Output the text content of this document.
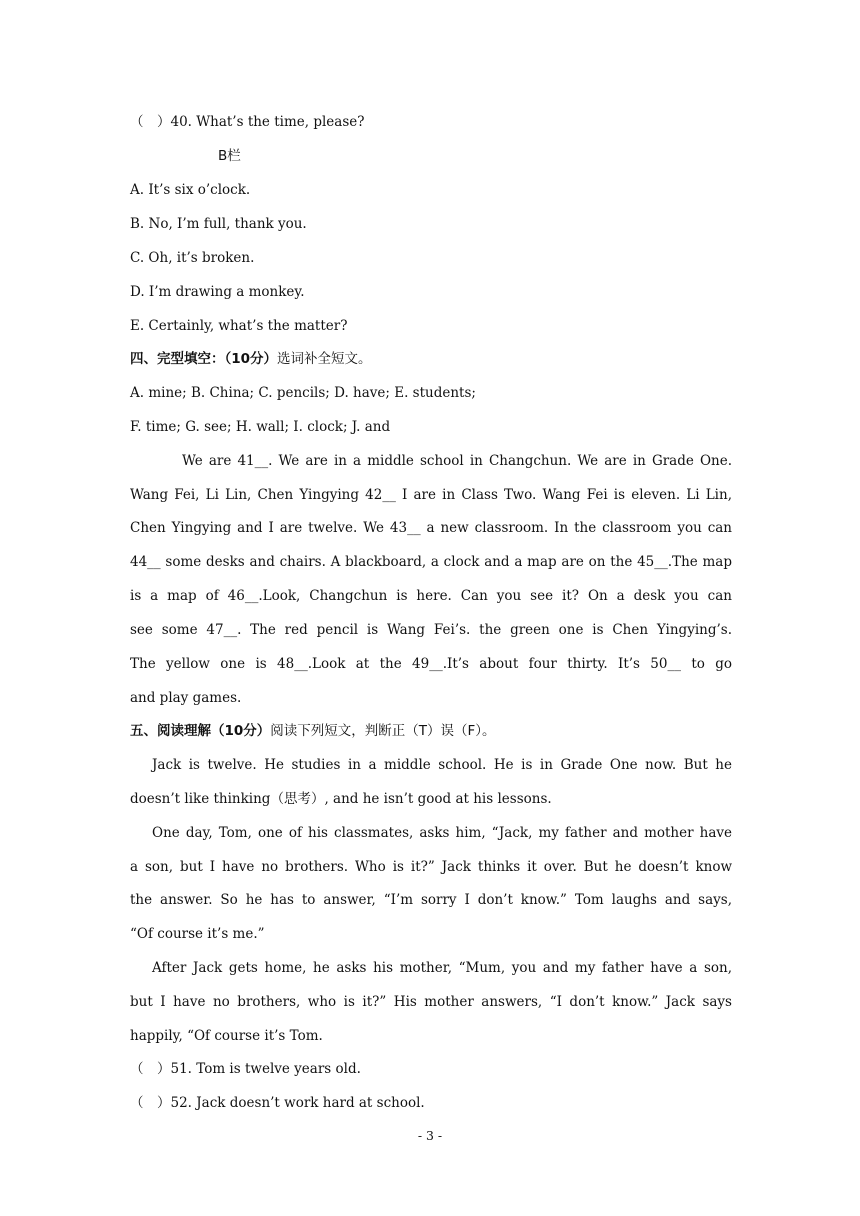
（　）40. What’s the time, please?
B栏
A. It’s six o’clock.
B. No, I’m full, thank you.
C. Oh, it’s broken.
D. I’m drawing a monkey.
E. Certainly, what’s the matter?
四、完型填空：（10分）选词补全短文。
A. mine; B. China; C. pencils; D. have; E. students;
F. time; G. see; H. wall; I. clock; J. and
We are 41__. We are in a middle school in Changchun. We are in Grade One.
Wang Fei, Li Lin, Chen Yingying 42__ I are in Class Two. Wang Fei is eleven. Li Lin,
Chen Yingying and I are twelve. We 43__ a new classroom. In the classroom you can
44__ some desks and chairs. A blackboard, a clock and a map are on the 45__.The map
is a map of 46__.Look, Changchun is here. Can you see it? On a desk you can
see some 47__. The red pencil is Wang Fei’s. the green one is Chen Yingying’s.
The yellow one is 48__.Look at the 49__.It’s about four thirty. It’s 50__ to go
and play games.
五、阅读理解（10分）阅读下列短文，判断正（T）误（F）。
Jack is twelve. He studies in a middle school. He is in Grade One now. But he
doesn’t like thinking（思考）, and he isn’t good at his lessons.
One day, Tom, one of his classmates, asks him, “Jack, my father and mother have
a son, but I have no brothers. Who is it?” Jack thinks it over. But he doesn’t know
the answer. So he has to answer, “I’m sorry I don’t know.” Tom laughs and says,
“Of course it’s me.”
After Jack gets home, he asks his mother, “Mum, you and my father have a son,
but I have no brothers, who is it?” His mother answers, “I don’t know.” Jack says
happily, “Of course it’s Tom.
（　）51. Tom is twelve years old.
（　）52. Jack doesn’t work hard at school.
- 3 -
